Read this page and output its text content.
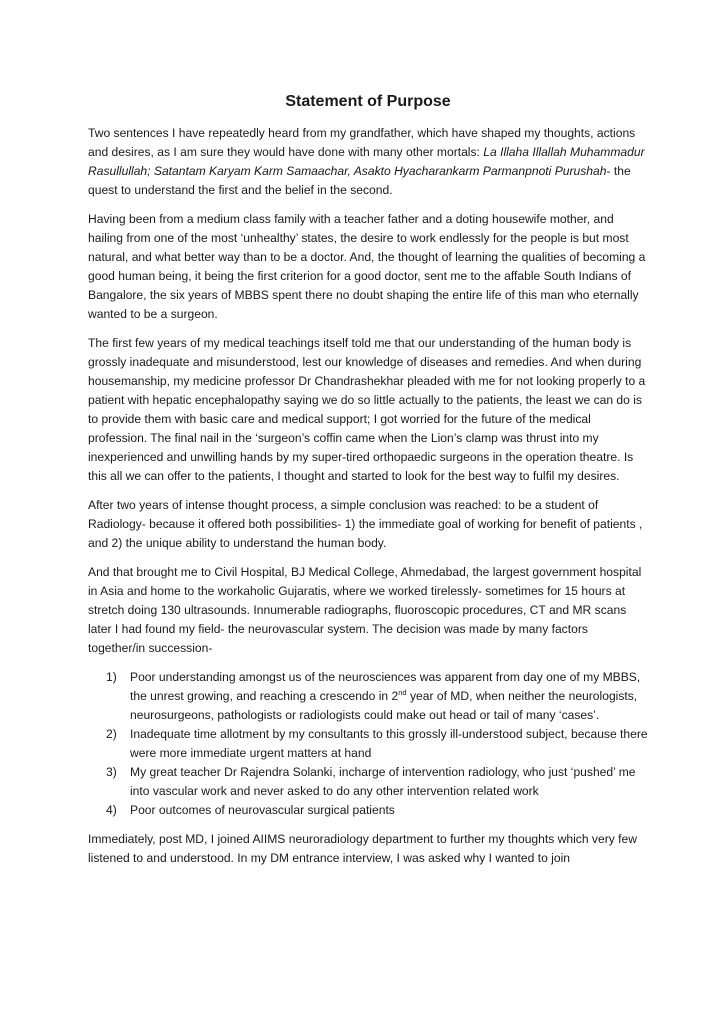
Statement of Purpose

Two sentences I have repeatedly heard from my grandfather, which have shaped my thoughts, actions and desires, as I am sure they would have done with many other mortals: La Illaha Illallah Muhammadur Rasullullah; Satantam Karyam Karm Samaachar, Asakto Hyacharankarm Parmanpnoti Purushah- the quest to understand the first and the belief in the second.

Having been from a medium class family with a teacher father and a doting housewife mother, and hailing from one of the most ‘unhealthy’ states, the desire to work endlessly for the people is but most natural, and what better way than to be a doctor. And, the thought of learning the qualities of becoming a good human being, it being the first criterion for a good doctor, sent me to the affable South Indians of Bangalore, the six years of MBBS spent there no doubt shaping the entire life of this man who eternally wanted to be a surgeon.

The first few years of my medical teachings itself told me that our understanding of the human body is grossly inadequate and misunderstood, lest our knowledge of diseases and remedies. And when during housemanship, my medicine professor Dr Chandrashekhar pleaded with me for not looking properly to a patient with hepatic encephalopathy saying we do so little actually to the patients, the least we can do is to provide them with basic care and medical support; I got worried for the future of the medical profession. The final nail in the ‘surgeon’s coffin came when the Lion’s clamp was thrust into my inexperienced and unwilling hands by my super-tired orthopaedic surgeons in the operation theatre. Is this all we can offer to the patients, I thought and started to look for the best way to fulfil my desires.

After two years of intense thought process, a simple conclusion was reached: to be a student of Radiology- because it offered both possibilities- 1) the immediate goal of working for benefit of patients , and 2) the unique ability to understand the human body.

And that brought me to Civil Hospital, BJ Medical College, Ahmedabad, the largest government hospital in Asia and home to the workaholic Gujaratis, where we worked tirelessly- sometimes for 15 hours at stretch doing 130 ultrasounds. Innumerable radiographs, fluoroscopic procedures, CT and MR scans later I had found my field- the neurovascular system. The decision was made by many factors together/in succession-

1) Poor understanding amongst us of the neurosciences was apparent from day one of my MBBS, the unrest growing, and reaching a crescendo in 2nd year of MD, when neither the neurologists, neurosurgeons, pathologists or radiologists could make out head or tail of many ‘cases’.
2) Inadequate time allotment by my consultants to this grossly ill-understood subject, because there were more immediate urgent matters at hand
3) My great teacher Dr Rajendra Solanki, incharge of intervention radiology, who just ‘pushed’ me into vascular work and never asked to do any other intervention related work
4) Poor outcomes of neurovascular surgical patients

Immediately, post MD, I joined AIIMS neuroradiology department to further my thoughts which very few listened to and understood. In my DM entrance interview, I was asked why I wanted to join
